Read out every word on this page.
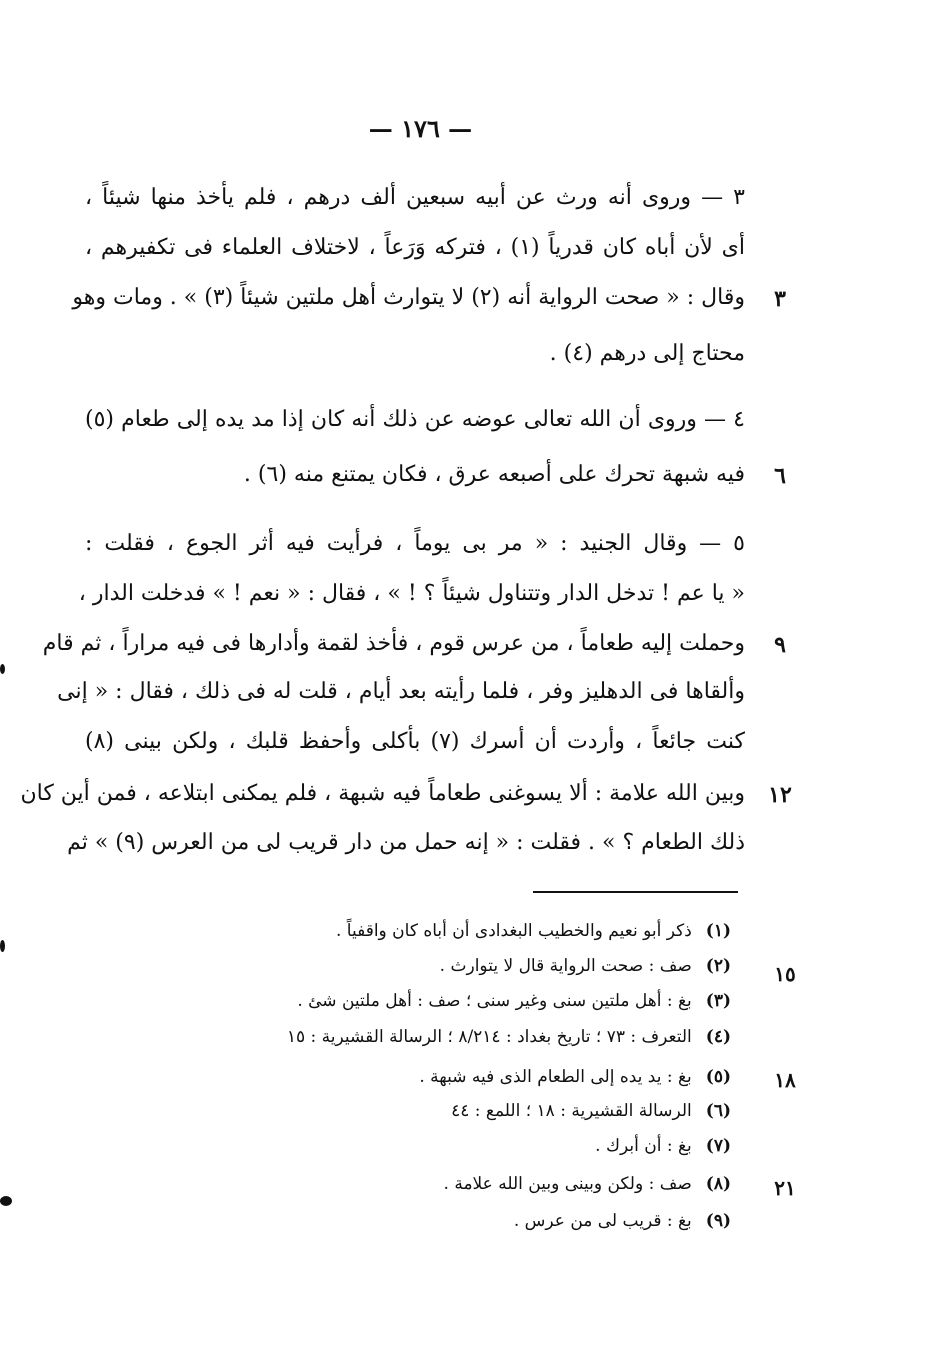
— ١٧٦ —
٣ — وروى أنه ورث عن أبيه سبعين ألف درهم ، فلم يأخذ منها شيئاً ،
أى لأن أباه كان قدرياً (١) ، فتركه وَرَعاً ، لاختلاف العلماء فى تكفيرهم ،
وقال : « صحت الرواية أنه (٢) لا يتوارث أهل ملتين شيئاً (٣) » . ومات وهو
محتاج إلى درهم (٤) .
٤ — وروى أن الله تعالى عوضه عن ذلك أنه كان إذا مد يده إلى طعام (٥)
فيه شبهة تحرك على أصبعه عرق ، فكان يمتنع منه (٦) .
٥ — وقال الجنيد : « مر بى يوماً ، فرأيت فيه أثر الجوع ، فقلت :
« يا عم ! تدخل الدار وتتناول شيئاً ؟ ! » ، فقال : « نعم ! » فدخلت الدار ،
وحملت إليه طعاماً ، من عرس قوم ، فأخذ لقمة وأدارها فى فيه مراراً ، ثم قام
وألقاها فى الدهليز وفر ، فلما رأيته بعد أيام ، قلت له فى ذلك ، فقال : « إنى
كنت جائعاً ، وأردت أن أسرك (٧) بأكلى وأحفظ قلبك ، ولكن بينى (٨)
وبين الله علامة : ألا يسوغنى طعاماً فيه شبهة ، فلم يمكنى ابتلاعه ، فمن أين كان
ذلك الطعام ؟ » . فقلت : « إنه حمل من دار قريب لى من العرس (٩) » ثم
٣
٦
٩
١٢
(١)ذكر أبو نعيم والخطيب البغدادى أن أباه كان واقفياً .
(٢)صف : صحت الرواية قال لا يتوارث .
(٣)بغ : أهل ملتين سنى وغير سنى ؛ صف : أهل ملتين شئ .
(٤)التعرف : ٧٣ ؛ تاريخ بغداد : ٨/٢١٤ ؛ الرسالة القشيرية : ١٥
(٥)بغ : يد يده إلى الطعام الذى فيه شبهة .
(٦)الرسالة القشيرية : ١٨ ؛ اللمع : ٤٤
(٧)بغ : أن أبرك .
(٨)صف : ولكن وبينى وبين الله علامة .
(٩)بغ : قريب لى من عرس .
١٥
١٨
٢١
